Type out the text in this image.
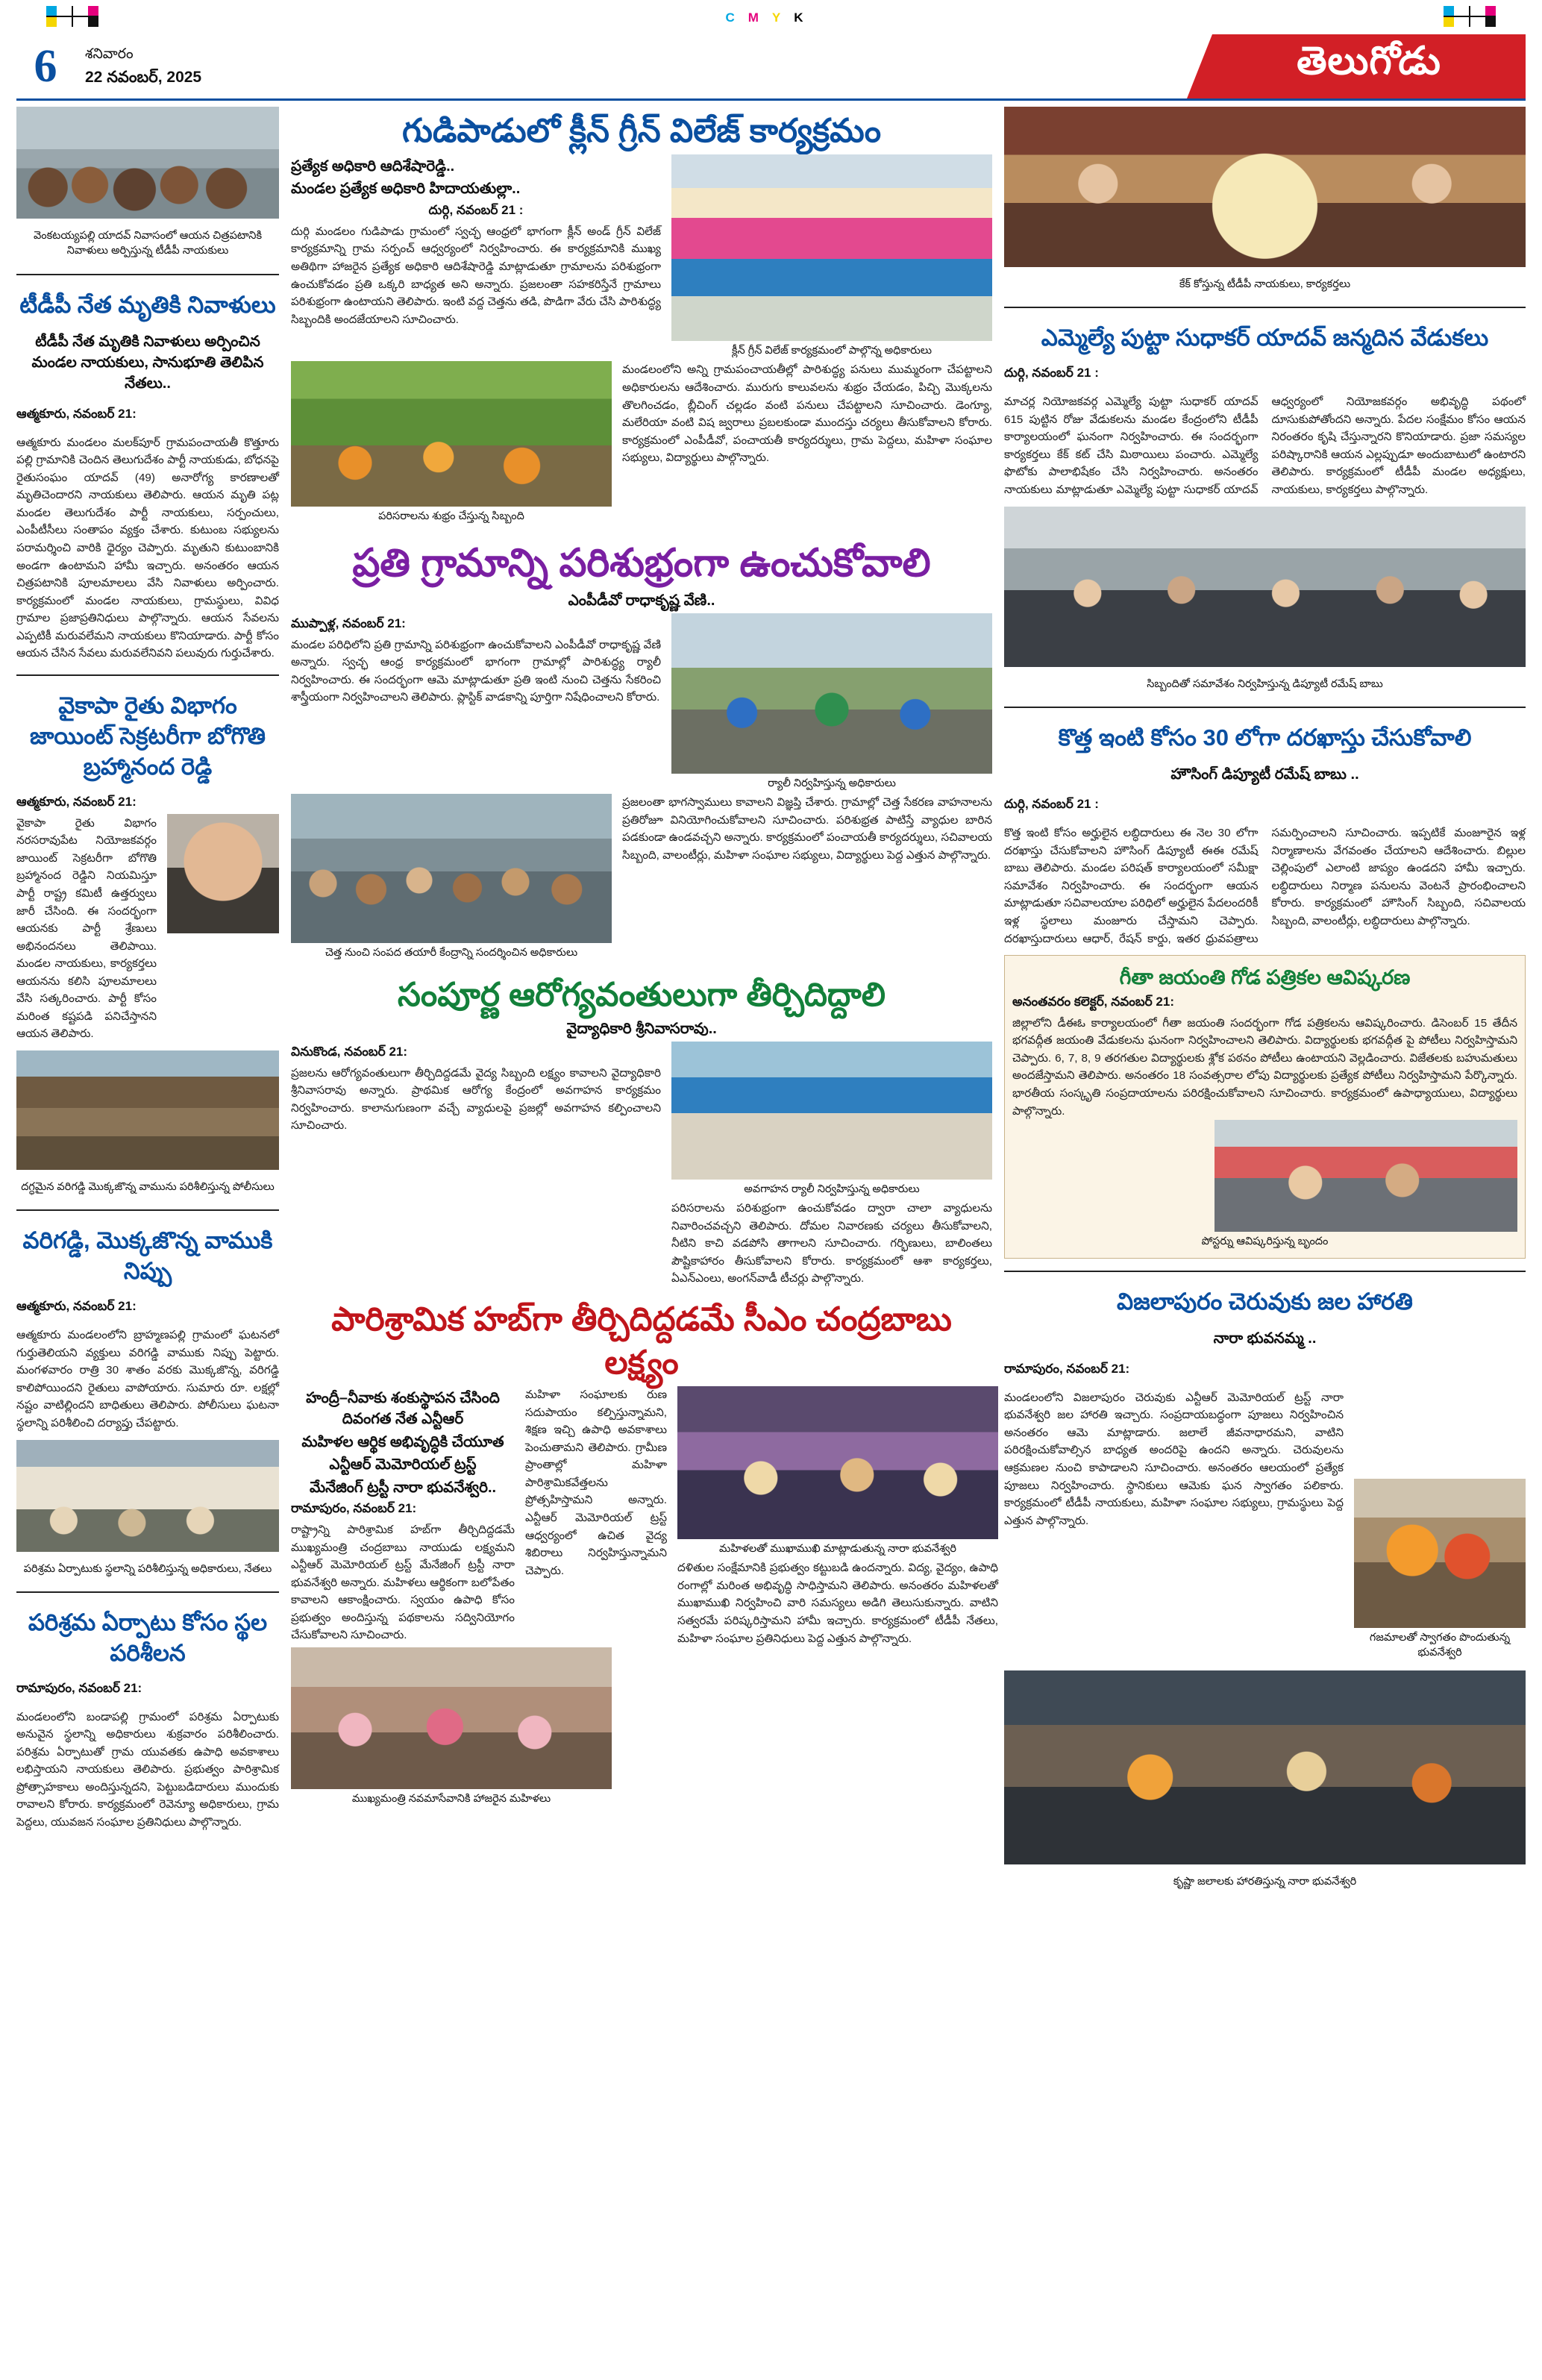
CMYK
6	శనివారం
22 నవంబర్, 2025	తెలుగోడు
వెంకటయ్యపల్లి యాదవ్ నివాసంలో ఆయన చిత్రపటానికి నివాళులు అర్పిస్తున్న టీడీపీ నాయకులు
టీడీపీ నేత మృతికి నివాళులు
టీడీపీ నేత మృతికి నివాళులు అర్పించిన మండల నాయకులు, సానుభూతి తెలిపిన నేతలు..
ఆత్మకూరు, నవంబర్ 21:
ఆత్మకూరు మండలం మలక్‌పూర్ గ్రామపంచాయతీ కొత్తూరు పల్లి గ్రామానికి చెందిన తెలుగుదేశం పార్టీ నాయకుడు, బోధనపై రైతుసంఘం యాదవ్ (49) అనారోగ్య కారణాలతో మృతిచెందారని నాయకులు తెలిపారు. ఆయన మృతి పట్ల మండల తెలుగుదేశం పార్టీ నాయకులు, సర్పంచులు, ఎంపీటీసీలు సంతాపం వ్యక్తం చేశారు. కుటుంబ సభ్యులను పరామర్శించి వారికి ధైర్యం చెప్పారు. మృతుని కుటుంబానికి అండగా ఉంటామని హామీ ఇచ్చారు. అనంతరం ఆయన చిత్రపటానికి పూలమాలలు వేసి నివాళులు అర్పించారు. కార్యక్రమంలో మండల నాయకులు, గ్రామస్థులు, వివిధ గ్రామాల ప్రజాప్రతినిధులు పాల్గొన్నారు. ఆయన సేవలను ఎప్పటికీ మరువలేమని నాయకులు కొనియాడారు. పార్టీ కోసం ఆయన చేసిన సేవలు మరువలేనివని పలువురు గుర్తుచేశారు.
వైకాపా రైతు విభాగం జాయింట్ సెక్రటరీగా బోగొతి బ్రహ్మానంద రెడ్డి
ఆత్మకూరు, నవంబర్ 21:
వైకాపా రైతు విభాగం నరసరావుపేట నియోజకవర్గం జాయింట్ సెక్రటరీగా బోగొతి బ్రహ్మానంద రెడ్డిని నియమిస్తూ పార్టీ రాష్ట్ర కమిటీ ఉత్తర్వులు జారీ చేసింది. ఈ సందర్భంగా ఆయనకు పార్టీ శ్రేణులు అభినందనలు తెలిపాయి. మండల నాయకులు, కార్యకర్తలు ఆయనను కలిసి పూలమాలలు వేసి సత్కరించారు. పార్టీ కోసం మరింత కష్టపడి పనిచేస్తానని ఆయన తెలిపారు.
దగ్ధమైన వరిగడ్డి మొక్కజొన్న వామును పరిశీలిస్తున్న పోలీసులు
వరిగడ్డి, మొక్కజొన్న వాముకి నిప్పు
ఆత్మకూరు, నవంబర్ 21:
ఆత్మకూరు మండలంలోని బ్రాహ్మణపల్లి గ్రామంలో ఘటనలో గుర్తుతెలియని వ్యక్తులు వరిగడ్డి వాముకు నిప్పు పెట్టారు. మంగళవారం రాత్రి 30 శాతం వరకు మొక్కజొన్న, వరిగడ్డి కాలిపోయిందని రైతులు వాపోయారు. సుమారు రూ. లక్షల్లో నష్టం వాటిల్లిందని బాధితులు తెలిపారు. పోలీసులు ఘటనా స్థలాన్ని పరిశీలించి దర్యాప్తు చేపట్టారు.
పరిశ్రమ ఏర్పాటుకు స్థలాన్ని పరిశీలిస్తున్న అధికారులు, నేతలు
పరిశ్రమ ఏర్పాటు కోసం స్థల పరిశీలన
రామాపురం, నవంబర్ 21:
మండలంలోని బండాపల్లి గ్రామంలో పరిశ్రమ ఏర్పాటుకు అనువైన స్థలాన్ని అధికారులు శుక్రవారం పరిశీలించారు. పరిశ్రమ ఏర్పాటుతో గ్రామ యువతకు ఉపాధి అవకాశాలు లభిస్తాయని నాయకులు తెలిపారు. ప్రభుత్వం పారిశ్రామిక ప్రోత్సాహకాలు అందిస్తున్నదని, పెట్టుబడిదారులు ముందుకు రావాలని కోరారు. కార్యక్రమంలో రెవెన్యూ అధికారులు, గ్రామ పెద్దలు, యువజన సంఘాల ప్రతినిధులు పాల్గొన్నారు.
గుడిపాడులో క్లీన్ గ్రీన్ విలేజ్ కార్యక్రమం
ప్రత్యేక అధికారి ఆదిశేషారెడ్డి..
మండల ప్రత్యేక అధికారి హిదాయతుల్లా..
దుర్గి, నవంబర్ 21 :
దుర్గి మండలం గుడిపాడు గ్రామంలో స్వచ్ఛ ఆంధ్రలో భాగంగా క్లీన్ అండ్ గ్రీన్ విలేజ్ కార్యక్రమాన్ని గ్రామ సర్పంచ్ ఆధ్వర్యంలో నిర్వహించారు. ఈ కార్యక్రమానికి ముఖ్య అతిథిగా హాజరైన ప్రత్యేక అధికారి ఆదిశేషారెడ్డి మాట్లాడుతూ గ్రామాలను పరిశుభ్రంగా ఉంచుకోవడం ప్రతి ఒక్కరి బాధ్యత అని అన్నారు. ప్రజలంతా సహకరిస్తేనే గ్రామాలు పరిశుభ్రంగా ఉంటాయని తెలిపారు. ఇంటి వద్ద చెత్తను తడి, పొడిగా వేరు చేసి పారిశుద్ధ్య సిబ్బందికి అందజేయాలని సూచించారు.
క్లీన్ గ్రీన్ విలేజ్ కార్యక్రమంలో పాల్గొన్న అధికారులు
పరిసరాలను శుభ్రం చేస్తున్న సిబ్బంది
మండలంలోని అన్ని గ్రామపంచాయతీల్లో పారిశుద్ధ్య పనులు ముమ్మరంగా చేపట్టాలని అధికారులను ఆదేశించారు. మురుగు కాలువలను శుభ్రం చేయడం, పిచ్చి మొక్కలను తొలగించడం, బ్లీచింగ్ చల్లడం వంటి పనులు చేపట్టాలని సూచించారు. డెంగ్యూ, మలేరియా వంటి విష జ్వరాలు ప్రబలకుండా ముందస్తు చర్యలు తీసుకోవాలని కోరారు. కార్యక్రమంలో ఎంపీడీవో, పంచాయతీ కార్యదర్శులు, గ్రామ పెద్దలు, మహిళా సంఘాల సభ్యులు, విద్యార్థులు పాల్గొన్నారు.
ప్రతి గ్రామాన్ని పరిశుభ్రంగా ఉంచుకోవాలి
ఎంపీడీవో రాధాకృష్ణ వేణి..
ముప్పాళ్ల, నవంబర్ 21:
మండల పరిధిలోని ప్రతి గ్రామాన్ని పరిశుభ్రంగా ఉంచుకోవాలని ఎంపీడీవో రాధాకృష్ణ వేణి అన్నారు. స్వచ్ఛ ఆంధ్ర కార్యక్రమంలో భాగంగా గ్రామాల్లో పారిశుద్ధ్య ర్యాలీ నిర్వహించారు. ఈ సందర్భంగా ఆమె మాట్లాడుతూ ప్రతి ఇంటి నుంచి చెత్తను సేకరించి శాస్త్రీయంగా నిర్వహించాలని తెలిపారు. ప్లాస్టిక్ వాడకాన్ని పూర్తిగా నిషేధించాలని కోరారు.
ర్యాలీ నిర్వహిస్తున్న అధికారులు
చెత్త నుంచి సంపద తయారీ కేంద్రాన్ని సందర్శించిన అధికారులు
ప్రజలంతా భాగస్వాములు కావాలని విజ్ఞప్తి చేశారు. గ్రామాల్లో చెత్త సేకరణ వాహనాలను ప్రతిరోజూ వినియోగించుకోవాలని సూచించారు. పరిశుభ్రత పాటిస్తే వ్యాధుల బారిన పడకుండా ఉండవచ్చని అన్నారు. కార్యక్రమంలో పంచాయతీ కార్యదర్శులు, సచివాలయ సిబ్బంది, వాలంటీర్లు, మహిళా సంఘాల సభ్యులు, విద్యార్థులు పెద్ద ఎత్తున పాల్గొన్నారు.
సంపూర్ణ ఆరోగ్యవంతులుగా తీర్చిదిద్దాలి
వైద్యాధికారి శ్రీనివాసరావు..
వినుకొండ, నవంబర్ 21:
ప్రజలను ఆరోగ్యవంతులుగా తీర్చిదిద్దడమే వైద్య సిబ్బంది లక్ష్యం కావాలని వైద్యాధికారి శ్రీనివాసరావు అన్నారు. ప్రాథమిక ఆరోగ్య కేంద్రంలో అవగాహన కార్యక్రమం నిర్వహించారు. కాలానుగుణంగా వచ్చే వ్యాధులపై ప్రజల్లో అవగాహన కల్పించాలని సూచించారు.
అవగాహన ర్యాలీ నిర్వహిస్తున్న అధికారులు
పరిసరాలను పరిశుభ్రంగా ఉంచుకోవడం ద్వారా చాలా వ్యాధులను నివారించవచ్చని తెలిపారు. దోమల నివారణకు చర్యలు తీసుకోవాలని, నీటిని కాచి వడపోసి తాగాలని సూచించారు. గర్భిణులు, బాలింతలు పౌష్టికాహారం తీసుకోవాలని కోరారు. కార్యక్రమంలో ఆశా కార్యకర్తలు, ఏఎన్ఎంలు, అంగన్‌వాడీ టీచర్లు పాల్గొన్నారు.
పారిశ్రామిక హబ్‌గా తీర్చిదిద్దడమే సీఎం చంద్రబాబు లక్ష్యం
హంద్రీ–నీవాకు శంకుస్థాపన చేసింది దివంగత నేత ఎన్టీఆర్
మహిళల ఆర్థిక అభివృద్ధికి చేయూత
ఎన్టీఆర్ మెమోరియల్ ట్రస్ట్
మేనేజింగ్ ట్రస్టీ నారా భువనేశ్వరి..
రామాపురం, నవంబర్ 21:
రాష్ట్రాన్ని పారిశ్రామిక హబ్‌గా తీర్చిదిద్దడమే ముఖ్యమంత్రి చంద్రబాబు నాయుడు లక్ష్యమని ఎన్టీఆర్ మెమోరియల్ ట్రస్ట్ మేనేజింగ్ ట్రస్టీ నారా భువనేశ్వరి అన్నారు. మహిళలు ఆర్థికంగా బలోపేతం కావాలని ఆకాంక్షించారు. స్వయం ఉపాధి కోసం ప్రభుత్వం అందిస్తున్న పథకాలను సద్వినియోగం చేసుకోవాలని సూచించారు.
మహిళా సంఘాలకు రుణ సదుపాయం కల్పిస్తున్నామని, శిక్షణ ఇచ్చి ఉపాధి అవకాశాలు పెంచుతామని తెలిపారు. గ్రామీణ ప్రాంతాల్లో మహిళా పారిశ్రామికవేత్తలను ప్రోత్సహిస్తామని అన్నారు. ఎన్టీఆర్ మెమోరియల్ ట్రస్ట్ ఆధ్వర్యంలో ఉచిత వైద్య శిబిరాలు నిర్వహిస్తున్నామని చెప్పారు.
మహిళలతో ముఖాముఖి మాట్లాడుతున్న నారా భువనేశ్వరి
దళితుల సంక్షేమానికి ప్రభుత్వం కట్టుబడి ఉందన్నారు. విద్య, వైద్యం, ఉపాధి రంగాల్లో మరింత అభివృద్ధి సాధిస్తామని తెలిపారు. అనంతరం మహిళలతో ముఖాముఖి నిర్వహించి వారి సమస్యలు అడిగి తెలుసుకున్నారు. వాటిని సత్వరమే పరిష్కరిస్తామని హామీ ఇచ్చారు. కార్యక్రమంలో టీడీపీ నేతలు, మహిళా సంఘాల ప్రతినిధులు పెద్ద ఎత్తున పాల్గొన్నారు.
ముఖ్యమంత్రి నవమాసేవానికి హాజరైన మహిళలు
కేక్ కోస్తున్న టీడీపీ నాయకులు, కార్యకర్తలు
ఎమ్మెల్యే పుట్టా సుధాకర్ యాదవ్ జన్మదిన వేడుకలు
దుర్గి, నవంబర్ 21 :
మాచర్ల నియోజకవర్గ ఎమ్మెల్యే పుట్టా సుధాకర్ యాదవ్ 615 పుట్టిన రోజు వేడుకలను మండల కేంద్రంలోని టీడీపీ కార్యాలయంలో ఘనంగా నిర్వహించారు. ఈ సందర్భంగా కార్యకర్తలు కేక్ కట్ చేసి మిఠాయిలు పంచారు. ఎమ్మెల్యే ఫొటోకు పాలాభిషేకం చేసి నిర్వహించారు. అనంతరం నాయకులు మాట్లాడుతూ ఎమ్మెల్యే పుట్టా సుధాకర్ యాదవ్ ఆధ్వర్యంలో నియోజకవర్గం అభివృద్ధి పథంలో దూసుకుపోతోందని అన్నారు. పేదల సంక్షేమం కోసం ఆయన నిరంతరం కృషి చేస్తున్నారని కొనియాడారు. ప్రజా సమస్యల పరిష్కారానికి ఆయన ఎల్లప్పుడూ అందుబాటులో ఉంటారని తెలిపారు. కార్యక్రమంలో టీడీపీ మండల అధ్యక్షులు, నాయకులు, కార్యకర్తలు పాల్గొన్నారు.
సిబ్బందితో సమావేశం నిర్వహిస్తున్న డిప్యూటీ రమేష్ బాబు
కొత్త ఇంటి కోసం 30 లోగా దరఖాస్తు చేసుకోవాలి
హౌసింగ్ డిప్యూటీ రమేష్ బాబు ..
దుర్గి, నవంబర్ 21 :
కొత్త ఇంటి కోసం అర్హులైన లబ్ధిదారులు ఈ నెల 30 లోగా దరఖాస్తు చేసుకోవాలని హౌసింగ్ డిప్యూటీ ఈఈ రమేష్ బాబు తెలిపారు. మండల పరిషత్ కార్యాలయంలో సమీక్షా సమావేశం నిర్వహించారు. ఈ సందర్భంగా ఆయన మాట్లాడుతూ సచివాలయాల పరిధిలో అర్హులైన పేదలందరికీ ఇళ్ల స్థలాలు మంజూరు చేస్తామని చెప్పారు. దరఖాస్తుదారులు ఆధార్, రేషన్ కార్డు, ఇతర ధ్రువపత్రాలు సమర్పించాలని సూచించారు. ఇప్పటికే మంజూరైన ఇళ్ల నిర్మాణాలను వేగవంతం చేయాలని ఆదేశించారు. బిల్లుల చెల్లింపులో ఎలాంటి జాప్యం ఉండదని హామీ ఇచ్చారు. లబ్ధిదారులు నిర్మాణ పనులను వెంటనే ప్రారంభించాలని కోరారు. కార్యక్రమంలో హౌసింగ్ సిబ్బంది, సచివాలయ సిబ్బంది, వాలంటీర్లు, లబ్ధిదారులు పాల్గొన్నారు.
గీతా జయంతి గోడ పత్రికల ఆవిష్కరణ
అనంతవరం కలెక్టర్, నవంబర్ 21:
జిల్లాలోని డీఈఓ కార్యాలయంలో గీతా జయంతి సందర్భంగా గోడ పత్రికలను ఆవిష్కరించారు. డిసెంబర్ 15 తేదీన భగవద్గీత జయంతి వేడుకలను ఘనంగా నిర్వహించాలని తెలిపారు. విద్యార్థులకు భగవద్గీత పై పోటీలు నిర్వహిస్తామని చెప్పారు. 6, 7, 8, 9 తరగతుల విద్యార్థులకు శ్లోక పఠనం పోటీలు ఉంటాయని వెల్లడించారు. విజేతలకు బహుమతులు అందజేస్తామని తెలిపారు. అనంతరం 18 సంవత్సరాల లోపు విద్యార్థులకు ప్రత్యేక పోటీలు నిర్వహిస్తామని పేర్కొన్నారు. భారతీయ సంస్కృతి సంప్రదాయాలను పరిరక్షించుకోవాలని సూచించారు. కార్యక్రమంలో ఉపాధ్యాయులు, విద్యార్థులు పాల్గొన్నారు.
పోస్టర్ను ఆవిష్కరిస్తున్న బృందం
విజలాపురం చెరువుకు జల హారతి
నారా భువనమ్మ ..
రామాపురం, నవంబర్ 21:
మండలంలోని విజలాపురం చెరువుకు ఎన్టీఆర్ మెమోరియల్ ట్రస్ట్ నారా భువనేశ్వరి జల హారతి ఇచ్చారు. సంప్రదాయబద్ధంగా పూజలు నిర్వహించిన అనంతరం ఆమె మాట్లాడారు. జలాలే జీవనాధారమని, వాటిని పరిరక్షించుకోవాల్సిన బాధ్యత అందరిపై ఉందని అన్నారు. చెరువులను ఆక్రమణల నుంచి కాపాడాలని సూచించారు. అనంతరం ఆలయంలో ప్రత్యేక పూజలు నిర్వహించారు. స్థానికులు ఆమెకు ఘన స్వాగతం పలికారు. కార్యక్రమంలో టీడీపీ నాయకులు, మహిళా సంఘాల సభ్యులు, గ్రామస్థులు పెద్ద ఎత్తున పాల్గొన్నారు.
గజమాలతో స్వాగతం పొందుతున్న భువనేశ్వరి
కృష్ణా జలాలకు హారతిస్తున్న నారా భువనేశ్వరి
